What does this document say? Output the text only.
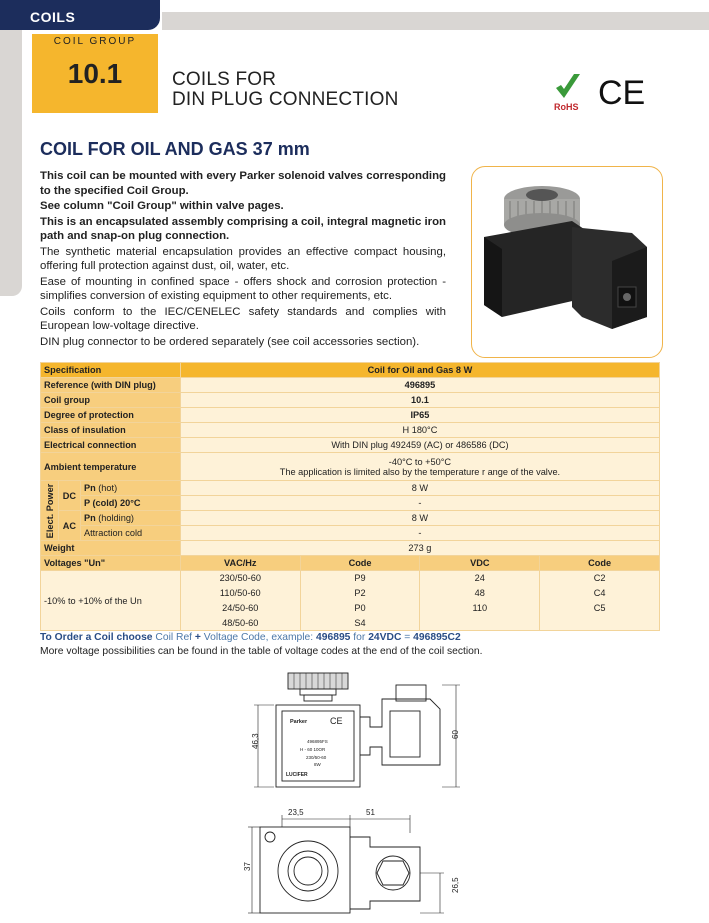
COILS
COIL GROUP
10.1	COILS FOR
DIN PLUG CONNECTION	RoHS CE
COIL FOR OIL AND GAS 37 mm

This coil can be mounted with every Parker solenoid valves corresponding to the specified Coil Group.

See column "Coil Group" within valve pages.

This is an encapsulated assembly comprising a coil, integral magnetic iron path and snap-on plug connection.

The synthetic material encapsulation provides an effective compact housing, offering full protection against dust, oil, water, etc.

Ease of mounting in confined space - offers shock and corrosion protection - simplifies conversion of existing equipment to other requirements, etc.

Coils conform to the IEC/CENELEC safety standards and complies with European low-voltage directive.

DIN plug connector to be ordered separately (see coil accessories section).

Specification			Coil for Oil and Gas 8 W			
Reference (with DIN plug)			496895			
Coil group			10.1			
Degree of protection			IP65			
Class of insulation			H 180°C			
Electrical connection			With DIN plug 492459 (AC) or 486586 (DC)			
Ambient temperature			-40°C to +50°C
The application is limited also by the temperature r ange of the valve.			

Elect. Power	DC	Pn (hot)	8 W			
		P (cold) 20°C	-			
	AC	Pn (holding)	8 W			
		Attraction cold	-			
Weight			273 g			
Voltages "Un"			VAC/Hz	Code	VDC	Code
-10% to +10% of the Un			230/50-60	P9	24	C2
			110/50-60	P2	48	C4
			24/50-60	P0	110	C5
			48/50-60	S4		
To Order a Coil choose Coil Ref + Voltage Code, example: 496895 for 24VDC = 496895C2
More voltage possibilities can be found in the table of voltage codes at the end of the coil section.
Parker	CE
496895FS
H - 60 10OR
230/50-60
8W
LUCIFER
46,3	60
23,5	51
37
26,5
